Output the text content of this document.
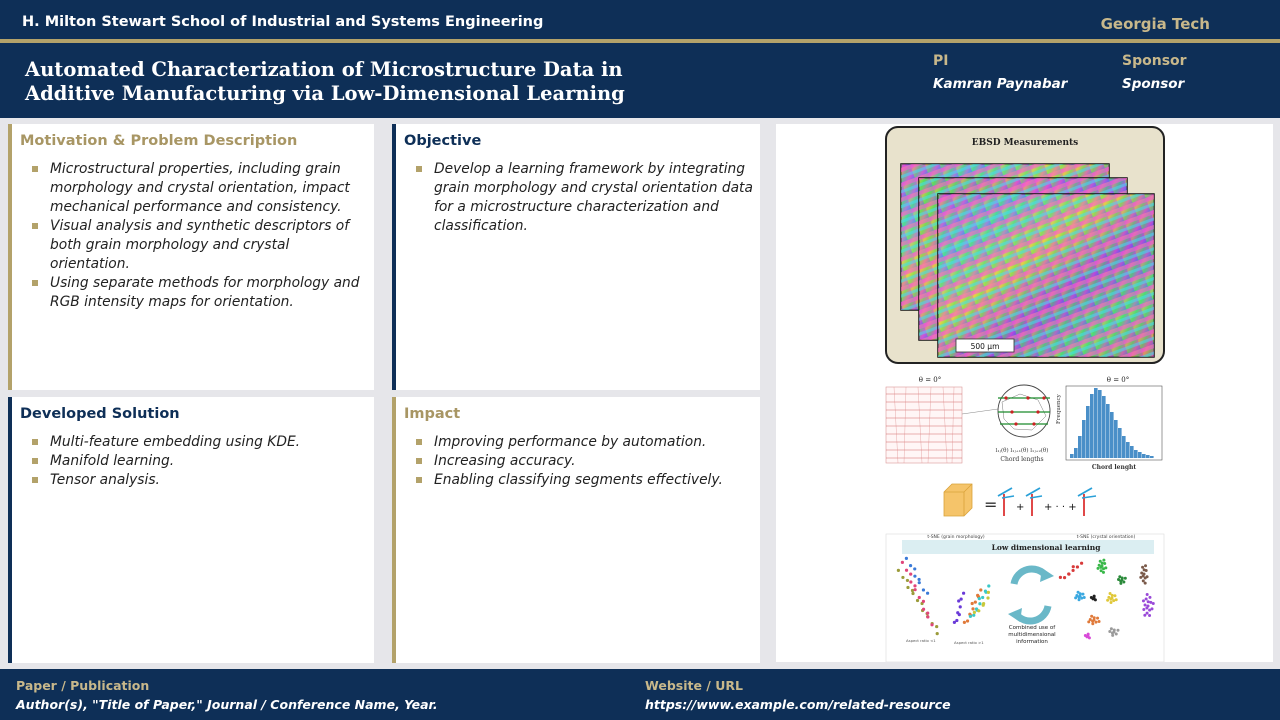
H. Milton Stewart School of Industrial and Systems Engineering	Georgia Tech
Automated Characterization of Microstructure Data in
Additive Manufacturing via Low-Dimensional Learning
PI
Kamran Paynabar
Sponsor
Sponsor
Motivation & Problem Description
Microstructural properties, including grain morphology and crystal orientation, impact mechanical performance and consistency.
Visual analysis and synthetic descriptors of both grain morphology and crystal orientation.
Using separate methods for morphology and RGB intensity maps for orientation.
Objective
Develop a learning framework by integrating grain morphology and crystal orientation data for a microstructure characterization and classification.
Developed Solution
Multi-feature embedding using KDE.
Manifold learning.
Tensor analysis.
Impact
Improving performance by automation.
Increasing accuracy.
Enabling classifying segments effectively.
EBSD Measurements
500 μm
θ = 0°
l₁ⱼ(θ) l₁ⱼ₊₁(θ) l₁ⱼ₊₂(θ)
Chord lengths
θ = 0°
Frequency
Chord lenght
= + + · · +
t-SNE (grain morphology)	t-SNE (crystal orientation)
Low dimensional learning
Combined use of
multidimensional
information
Aspect ratio <1	Aspect ratio >1
Paper / Publication
Author(s), "Title of Paper," Journal / Conference Name, Year.
Website / URL
https://www.example.com/related-resource
